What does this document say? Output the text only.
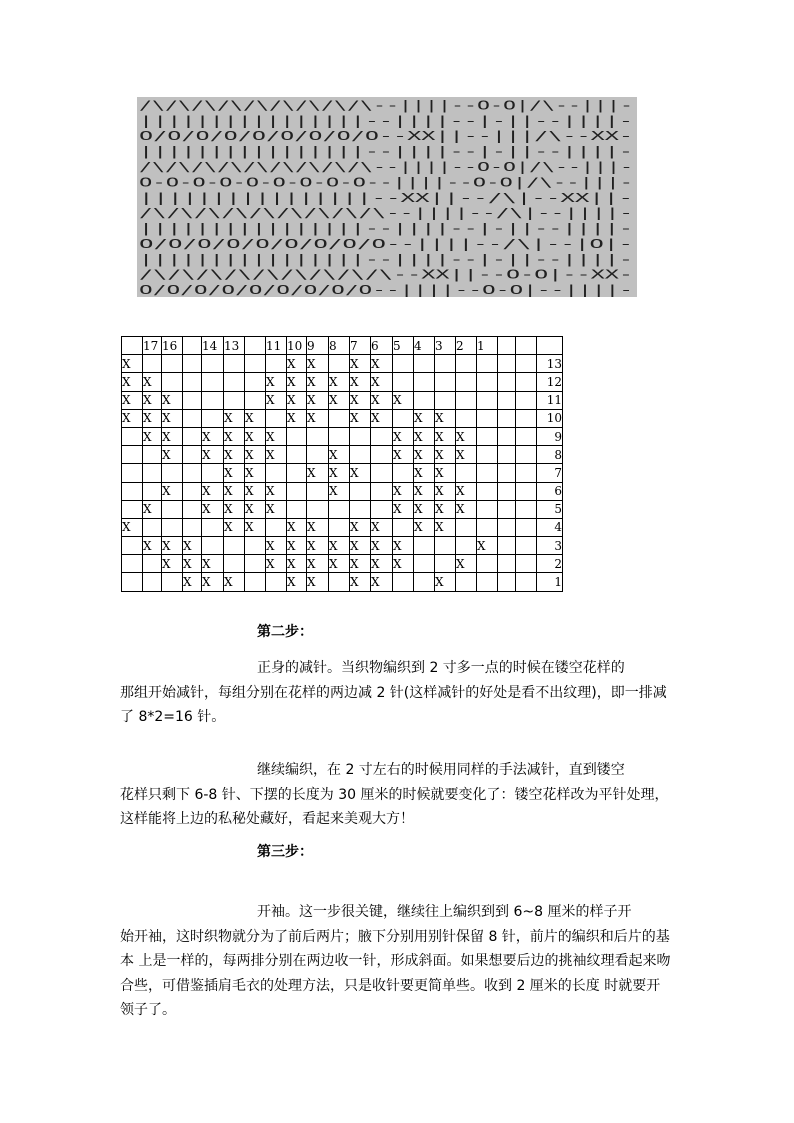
/\/\/\/\/\/\/\/\/\--||||--O-O|/\--|||-
||||||||||||||||--||||--|-||--||||-
O/O/O/O/O/O/O/O/O--XX||--|||/\--XX-
||||||||||||||||--||||--|-||--||||-
/\/\/\/\/\/\/\/\/\--||||--O-O|/\--|||-
O-O-O-O-O-O-O-O-O--||||--O-O|/\--|||-
||||||||||||||||--XX||--/\|--XX||-
/\/\/\/\/\/\/\/\/\--||||--/\|--||||-
||||||||||||||||--||||--|-||--||||-
O/O/O/O/O/O/O/O/O--||||--/\|--|O|-
||||||||||||||||--||||--|-||--||||-
/\/\/\/\/\/\/\/\/\--XX||--O-O|--XX-
O/O/O/O/O/O/O/O/O--||||--O-O|--||||-
	17	16		14	13		11	10	9	8	7	6	5	4	3	2	1			
X								X	X		X	X								13
X	X						X	X	X	X	X	X								12
X	X	X					X	X	X	X	X	X	X							11
X	X	X			X	X		X	X		X	X		X	X					10
	X	X		X	X	X	X						X	X	X	X				9
		X		X	X	X	X			X			X	X	X	X				8
					X	X			X	X	X			X	X					7
		X		X	X	X	X			X			X	X	X	X				6
	X			X	X	X	X						X	X	X	X				5
X					X	X		X	X		X	X		X	X					4
	X	X	X				X	X	X	X	X	X	X				X			3
		X	X	X			X	X	X	X	X	X	X			X				2
			X	X	X			X	X		X	X			X					1
第二步：
正身的减针。当织物编织到 2 寸多一点的时候在镂空花样的
那组开始减针，每组分别在花样的两边减 2 针(这样减针的好处是看不出纹理)，即一排减了 8*2=16 针。
继续编织，在 2 寸左右的时候用同样的手法减针，直到镂空
花样只剩下 6-8 针、下摆的长度为 30 厘米的时候就要变化了：镂空花样改为平针处理，这样能将上边的私秘处藏好，看起来美观大方！
第三步：
开袖。这一步很关键，继续往上编织到到 6~8 厘米的样子开
始开袖，这时织物就分为了前后两片；腋下分别用别针保留 8 针，前片的编织和后片的基本 上是一样的，每两排分别在两边收一针，形成斜面。如果想要后边的挑袖纹理看起来吻合些，可借鉴插肩毛衣的处理方法，只是收针要更简单些。收到 2 厘米的长度 时就要开领子了。
